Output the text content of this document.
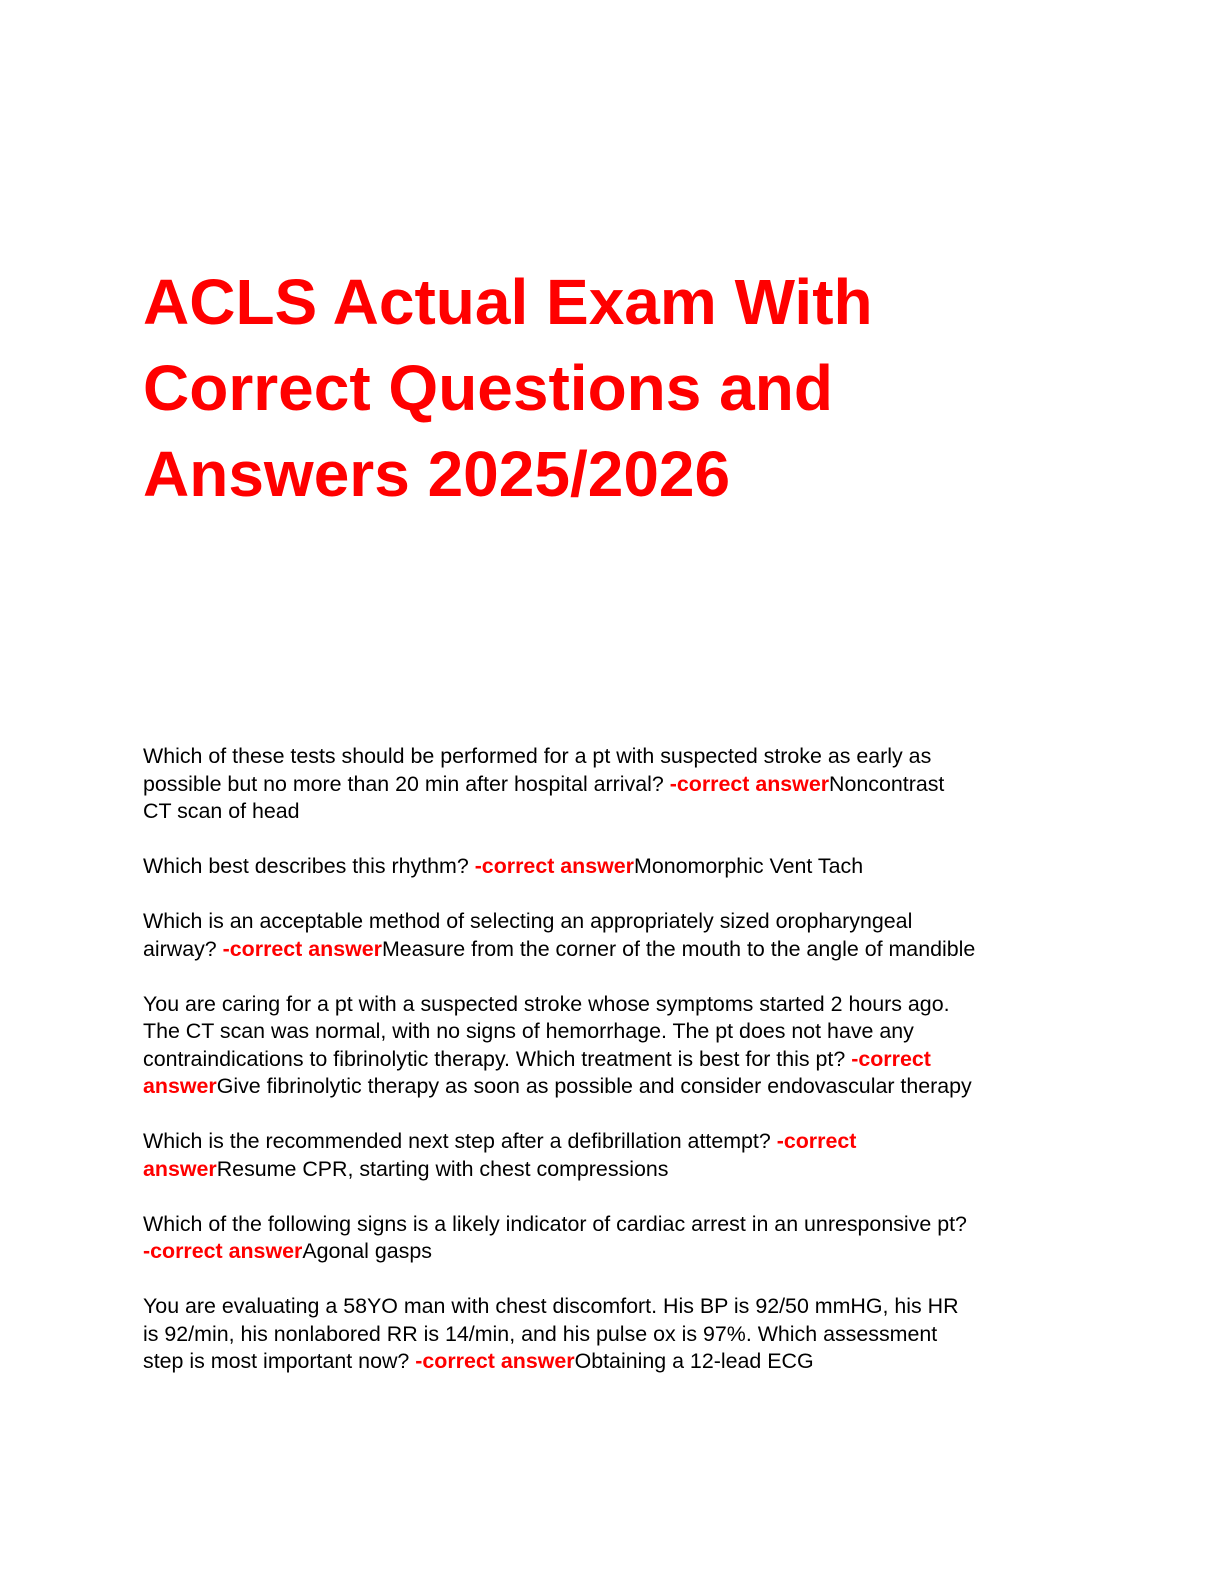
ACLS Actual Exam With
Correct Questions and
Answers 2025/2026

Which of these tests should be performed for a pt with suspected stroke as early as
possible but no more than 20 min after hospital arrival? -correct answerNoncontrast
CT scan of head

Which best describes this rhythm? -correct answerMonomorphic Vent Tach

Which is an acceptable method of selecting an appropriately sized oropharyngeal
airway? -correct answerMeasure from the corner of the mouth to the angle of mandible

You are caring for a pt with a suspected stroke whose symptoms started 2 hours ago.
The CT scan was normal, with no signs of hemorrhage. The pt does not have any
contraindications to fibrinolytic therapy. Which treatment is best for this pt? -correct
answerGive fibrinolytic therapy as soon as possible and consider endovascular therapy

Which is the recommended next step after a defibrillation attempt? -correct
answerResume CPR, starting with chest compressions

Which of the following signs is a likely indicator of cardiac arrest in an unresponsive pt?
-correct answerAgonal gasps

You are evaluating a 58YO man with chest discomfort. His BP is 92/50 mmHG, his HR
is 92/min, his nonlabored RR is 14/min, and his pulse ox is 97%. Which assessment
step is most important now? -correct answerObtaining a 12-lead ECG
